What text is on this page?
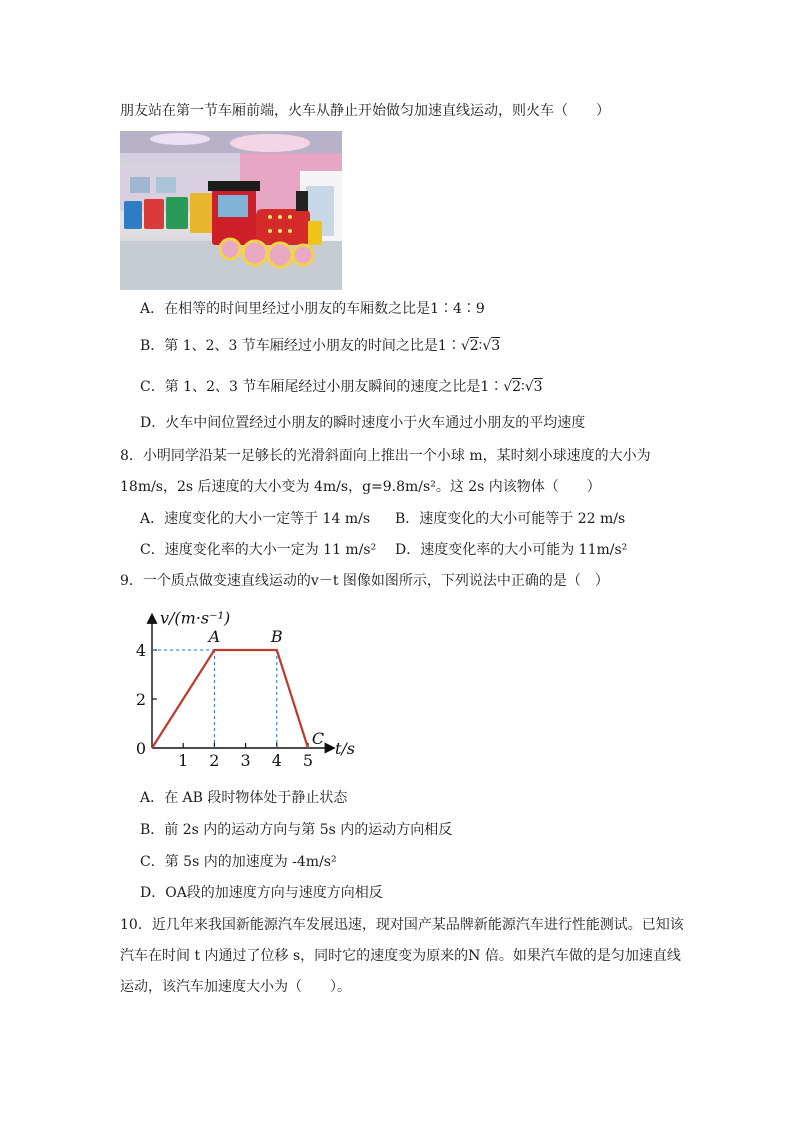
朋友站在第一节车厢前端，火车从静止开始做匀加速直线运动，则火车（　　）
A．在相等的时间里经过小朋友的车厢数之比是1∶4∶9
B．第 1、2、3 节车厢经过小朋友的时间之比是1∶√2∶√3
C．第 1、2、3 节车厢尾经过小朋友瞬间的速度之比是1∶√2∶√3
D．火车中间位置经过小朋友的瞬时速度小于火车通过小朋友的平均速度
8．小明同学沿某一足够长的光滑斜面向上推出一个小球 m，某时刻小球速度的大小为
18m/s，2s 后速度的大小变为 4m/s，g=9.8m/s²。这 2s 内该物体（　　）
A．速度变化的大小一定等于 14 m/s B．速度变化的大小可能等于 22 m/s
C．速度变化率的大小一定为 11 m/s² D．速度变化率的大小可能为 11m/s²
9．一个质点做变速直线运动的v－t 图像如图所示，下列说法中正确的是（　）
1 2 3 4 5
0
2
4
v/(m·s⁻¹)
t/s
A	B
C
A．在 AB 段时物体处于静止状态
B．前 2s 内的运动方向与第 5s 内的运动方向相反
C．第 5s 内的加速度为 -4m/s²
D．OA段的加速度方向与速度方向相反
10．近几年来我国新能源汽车发展迅速，现对国产某品牌新能源汽车进行性能测试。已知该
汽车在时间 t 内通过了位移 s，同时它的速度变为原来的N 倍。如果汽车做的是匀加速直线
运动，该汽车加速度大小为（　　）。
